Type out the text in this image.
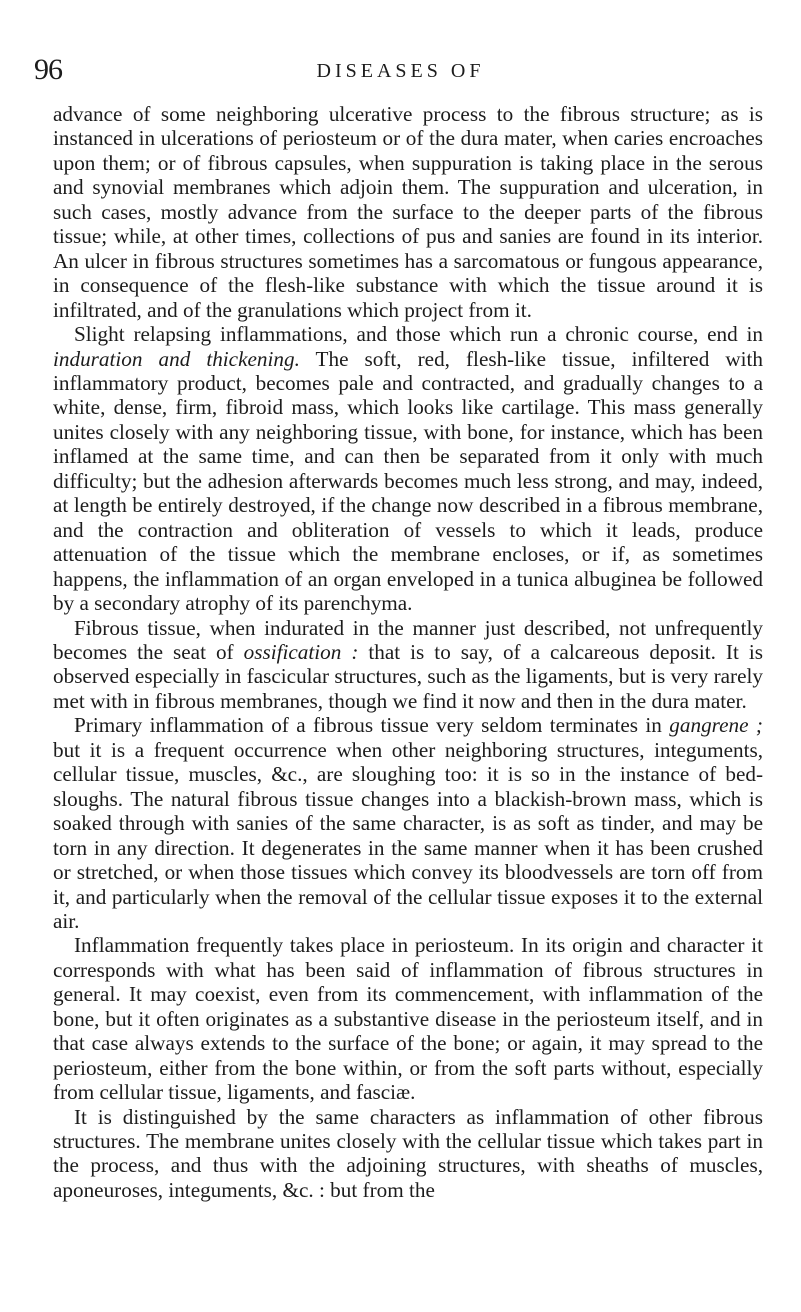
96	DISEASES OF

advance of some neighboring ulcerative process to the fibrous structure; as is instanced in ulcerations of periosteum or of the dura mater, when caries encroaches upon them; or of fibrous capsules, when suppuration is taking place in the serous and synovial membranes which adjoin them. The suppuration and ulceration, in such cases, mostly advance from the surface to the deeper parts of the fibrous tissue; while, at other times, collections of pus and sanies are found in its interior. An ulcer in fibrous structures sometimes has a sarcomatous or fungous appearance, in consequence of the flesh-like substance with which the tissue around it is infiltrated, and of the granulations which project from it.

Slight relapsing inflammations, and those which run a chronic course, end in induration and thickening. The soft, red, flesh-like tissue, infiltered with inflammatory product, becomes pale and contracted, and gradually changes to a white, dense, firm, fibroid mass, which looks like cartilage. This mass generally unites closely with any neighboring tissue, with bone, for instance, which has been inflamed at the same time, and can then be separated from it only with much difficulty; but the adhesion afterwards becomes much less strong, and may, indeed, at length be entirely destroyed, if the change now described in a fibrous membrane, and the contraction and obliteration of vessels to which it leads, produce attenuation of the tissue which the membrane encloses, or if, as sometimes happens, the inflammation of an organ enveloped in a tunica albuginea be followed by a secondary atrophy of its parenchyma.

Fibrous tissue, when indurated in the manner just described, not unfrequently becomes the seat of ossification : that is to say, of a calcareous deposit. It is observed especially in fascicular structures, such as the ligaments, but is very rarely met with in fibrous membranes, though we find it now and then in the dura mater.

Primary inflammation of a fibrous tissue very seldom terminates in gangrene ; but it is a frequent occurrence when other neighboring structures, integuments, cellular tissue, muscles, &c., are sloughing too: it is so in the instance of bed-sloughs. The natural fibrous tissue changes into a blackish-brown mass, which is soaked through with sanies of the same character, is as soft as tinder, and may be torn in any direction. It degenerates in the same manner when it has been crushed or stretched, or when those tissues which convey its bloodvessels are torn off from it, and particularly when the removal of the cellular tissue exposes it to the external air.

Inflammation frequently takes place in periosteum. In its origin and character it corresponds with what has been said of inflammation of fibrous structures in general. It may coexist, even from its commencement, with inflammation of the bone, but it often originates as a substantive disease in the periosteum itself, and in that case always extends to the surface of the bone; or again, it may spread to the periosteum, either from the bone within, or from the soft parts without, especially from cellular tissue, ligaments, and fasciæ.

It is distinguished by the same characters as inflammation of other fibrous structures. The membrane unites closely with the cellular tissue which takes part in the process, and thus with the adjoining structures, with sheaths of muscles, aponeuroses, integuments, &c. : but from the
